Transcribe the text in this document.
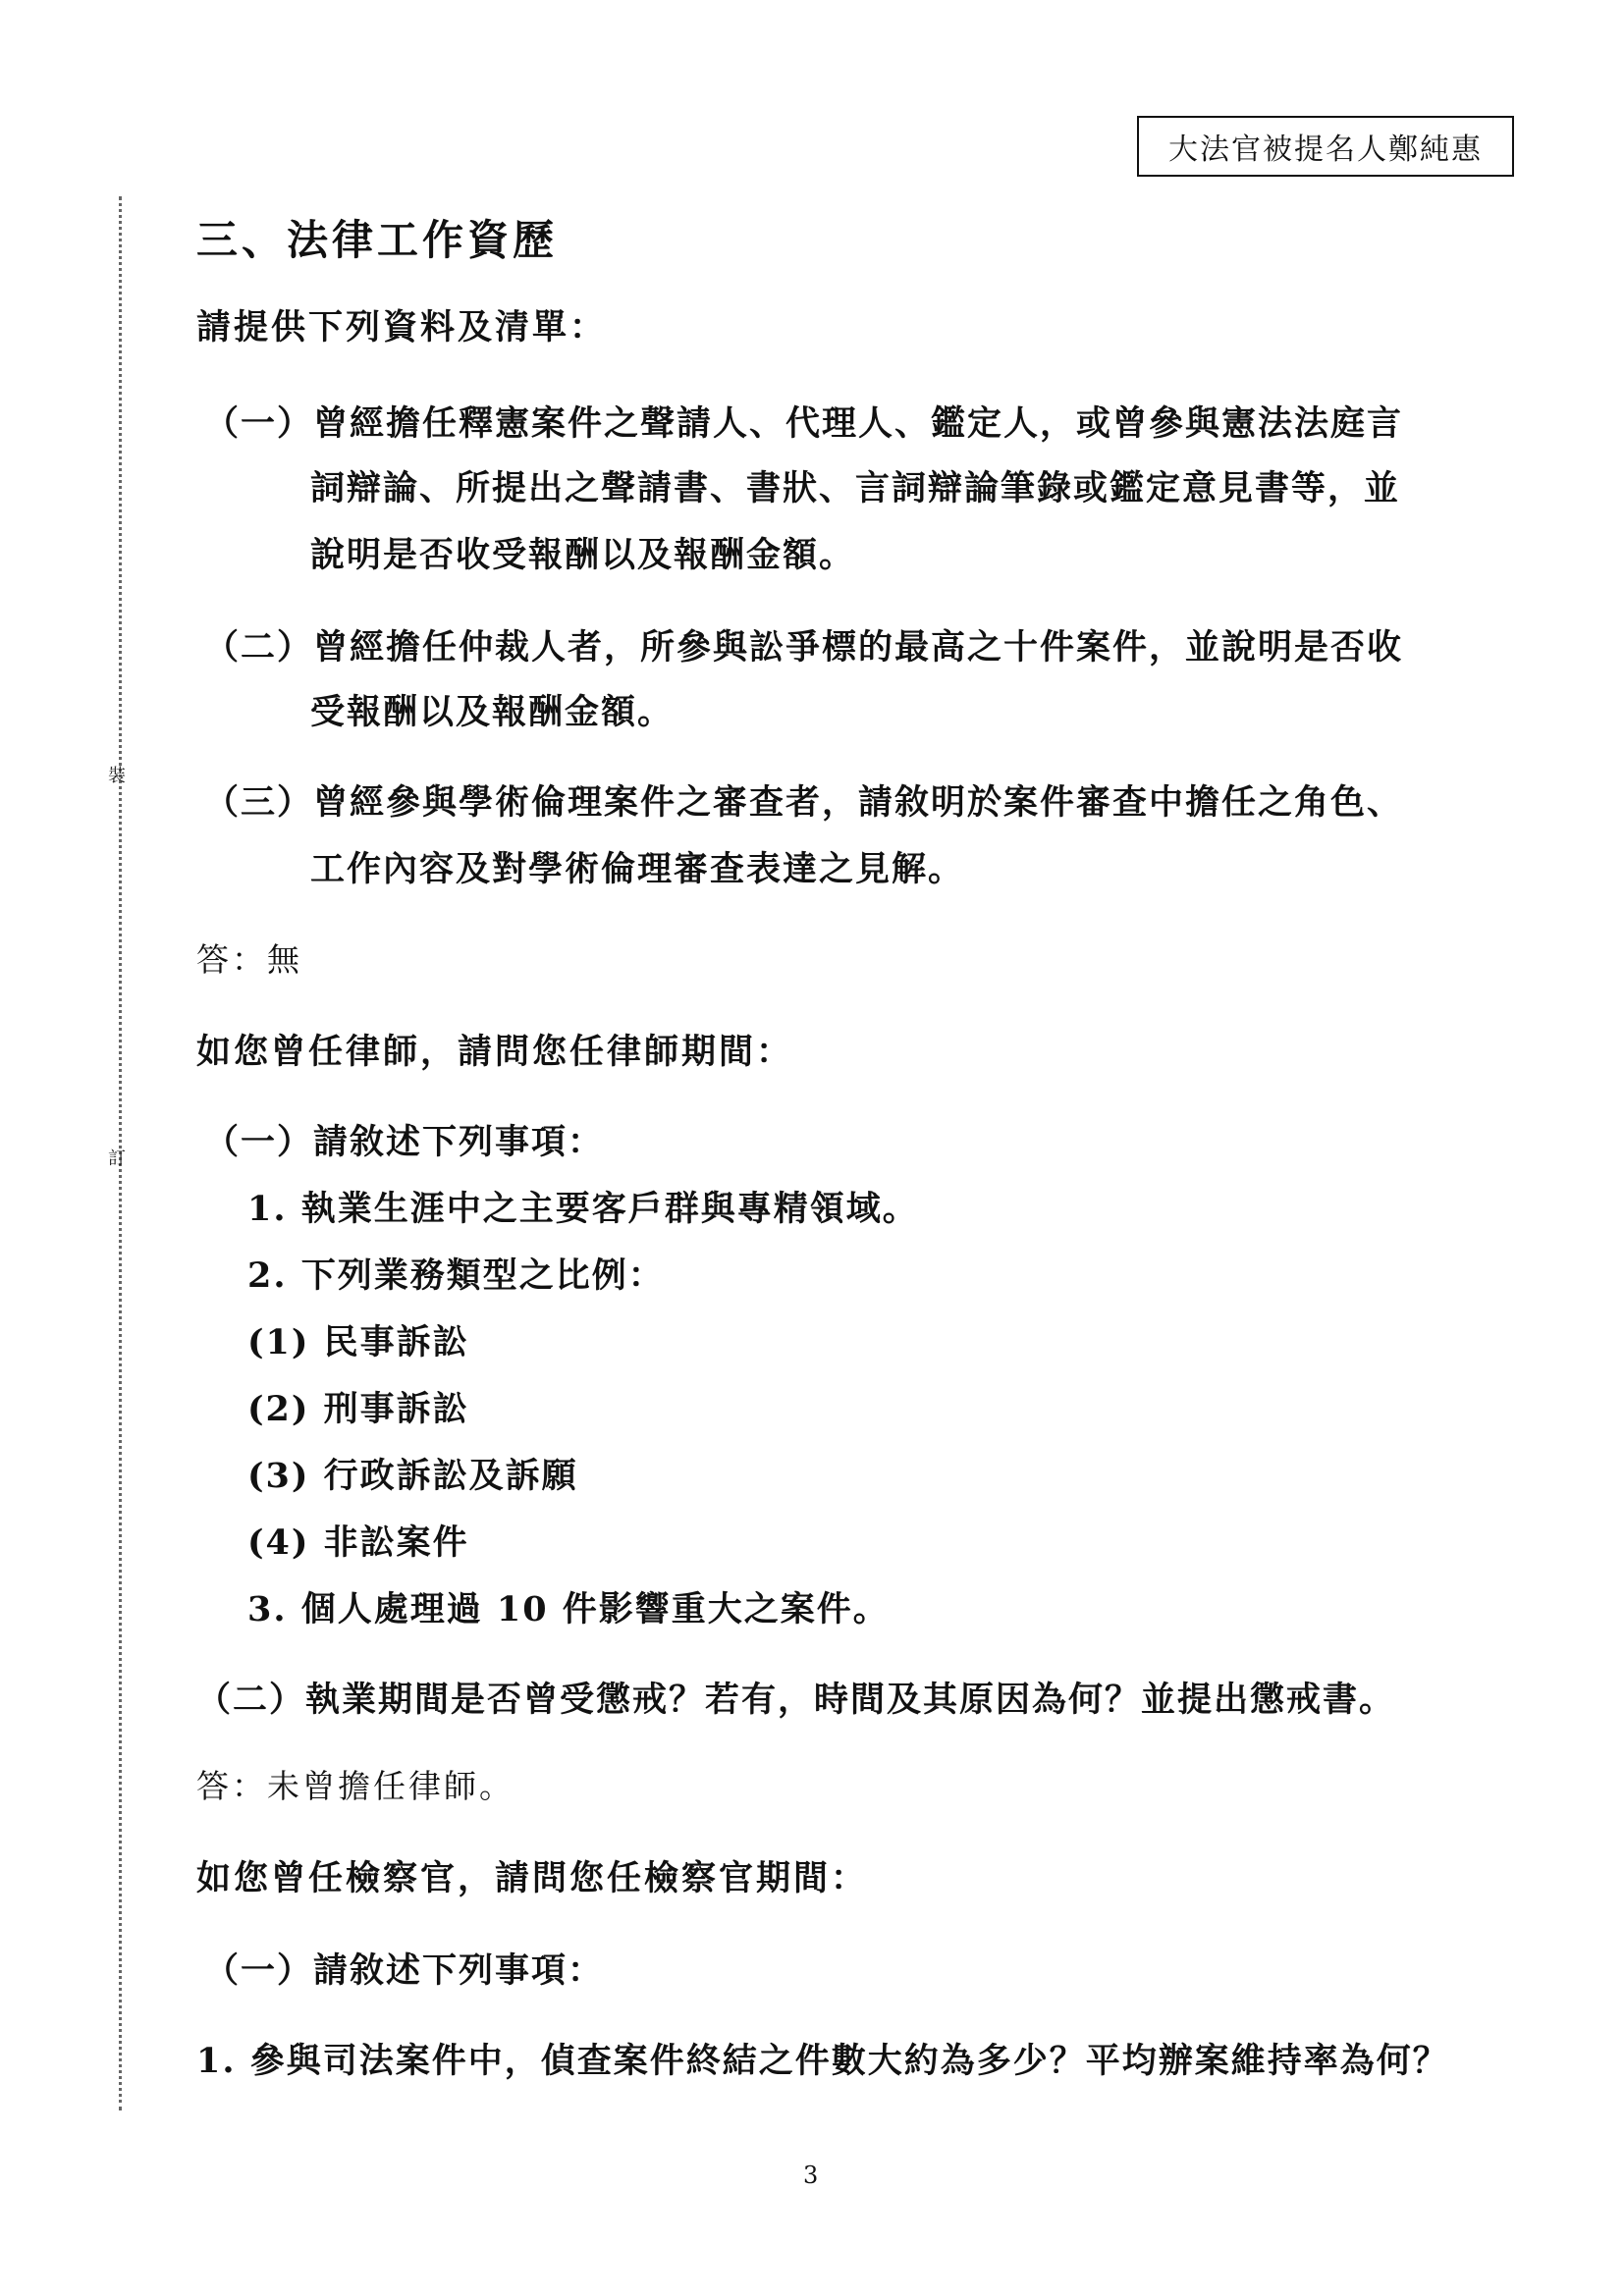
大法官被提名人鄭純惠
裝
訂
三、法律工作資歷
請提供下列資料及清單：
（一）曾經擔任釋憲案件之聲請人、代理人、鑑定人，或曾參與憲法法庭言
詞辯論、所提出之聲請書、書狀、言詞辯論筆錄或鑑定意見書等，並
說明是否收受報酬以及報酬金額。
（二）曾經擔任仲裁人者，所參與訟爭標的最高之十件案件，並說明是否收
受報酬以及報酬金額。
（三）曾經參與學術倫理案件之審查者，請敘明於案件審查中擔任之角色、
工作內容及對學術倫理審查表達之見解。
答：無
如您曾任律師，請問您任律師期間：
（一）請敘述下列事項：
1. 執業生涯中之主要客戶群與專精領域。
2. 下列業務類型之比例：
(1) 民事訴訟
(2) 刑事訴訟
(3) 行政訴訟及訴願
(4) 非訟案件
3. 個人處理過 10 件影響重大之案件。
（二）執業期間是否曾受懲戒？若有，時間及其原因為何？並提出懲戒書。
答：未曾擔任律師。
如您曾任檢察官，請問您任檢察官期間：
（一）請敘述下列事項：
1. 參與司法案件中，偵查案件終結之件數大約為多少？平均辦案維持率為何？
3
